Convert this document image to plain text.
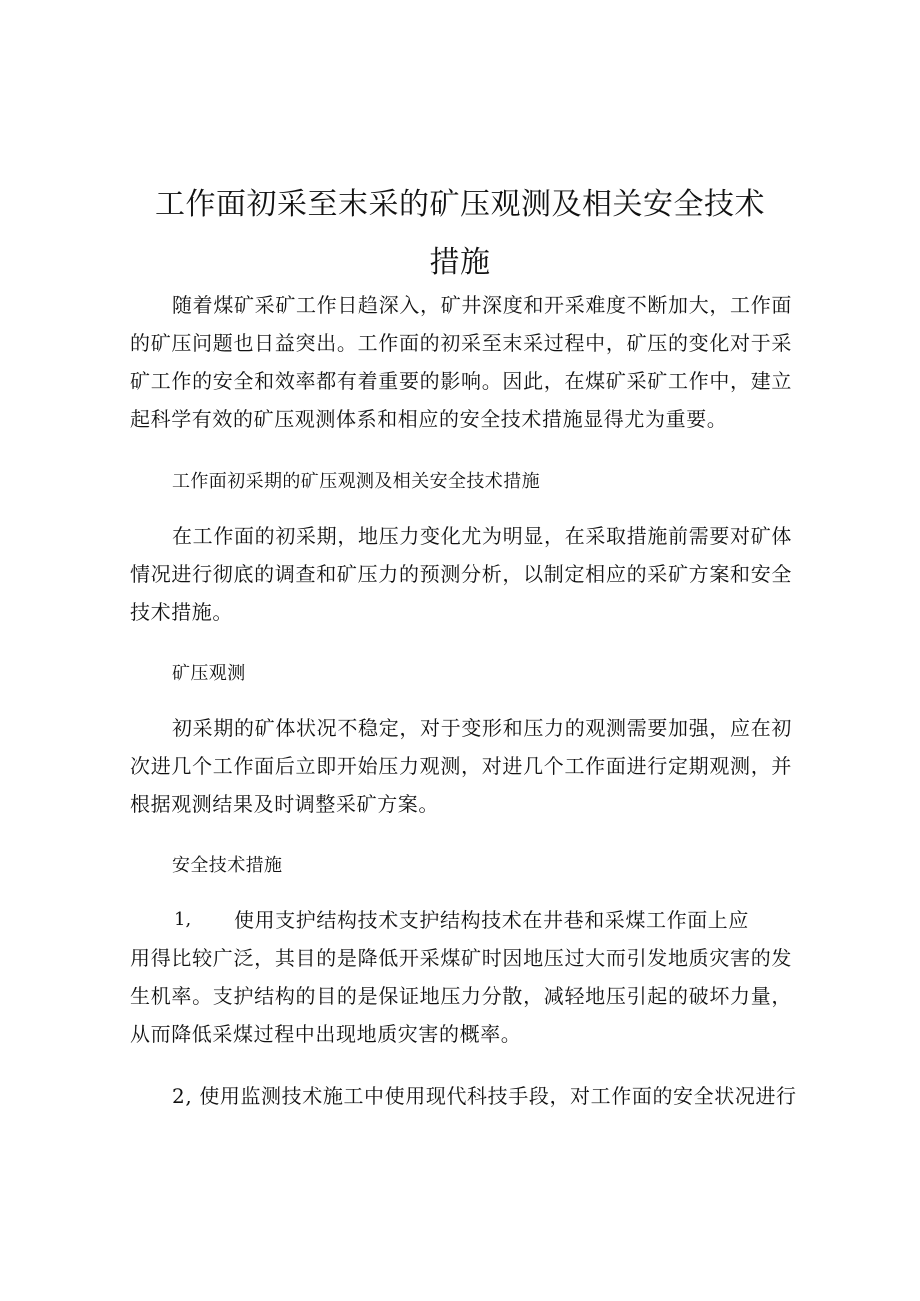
工作面初采至末采的矿压观测及相关安全技术
措施

随着煤矿采矿工作日趋深入，矿井深度和开采难度不断加大，工作面的矿压问题也日益突出。工作面的初采至末采过程中，矿压的变化对于采矿工作的安全和效率都有着重要的影响。因此，在煤矿采矿工作中，建立起科学有效的矿压观测体系和相应的安全技术措施显得尤为重要。

工作面初采期的矿压观测及相关安全技术措施

在工作面的初采期，地压力变化尤为明显，在采取措施前需要对矿体情况进行彻底的调查和矿压力的预测分析，以制定相应的采矿方案和安全技术措施。

矿压观测

初采期的矿体状况不稳定，对于变形和压力的观测需要加强，应在初次进几个工作面后立即开始压力观测，对进几个工作面进行定期观测，并根据观测结果及时调整采矿方案。

安全技术措施

1, 使用支护结构技术支护结构技术在井巷和采煤工作面上应

用得比较广泛，其目的是降低开采煤矿时因地压过大而引发地质灾害的发生机率。支护结构的目的是保证地压力分散，减轻地压引起的破坏力量，从而降低采煤过程中出现地质灾害的概率。

2, 使用监测技术施工中使用现代科技手段，对工作面的安全状况进行
